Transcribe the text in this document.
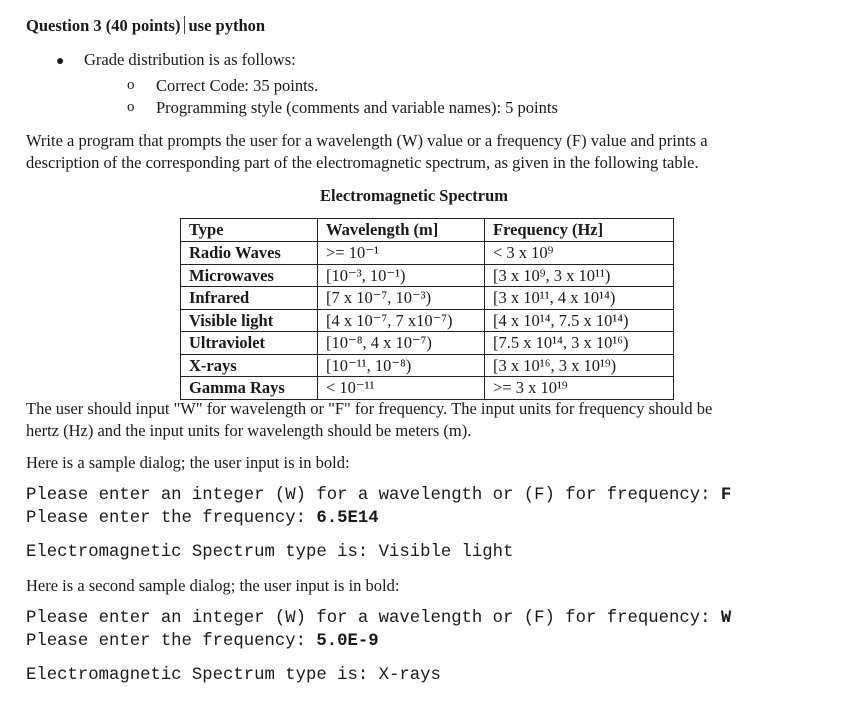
Question 3 (40 points) use python
● Grade distribution is as follows:
o Correct Code: 35 points.
o Programming style (comments and variable names): 5 points
Write a program that prompts the user for a wavelength (W) value or a frequency (F) value and prints a
description of the corresponding part of the electromagnetic spectrum, as given in the following table.
Electromagnetic Spectrum
Type	Wavelength (m]	Frequency (Hz]
Radio Waves	>= 10⁻¹	< 3 x 10⁹
Microwaves	[10⁻³, 10⁻¹)	[3 x 10⁹, 3 x 10¹¹)
Infrared	[7 x 10⁻⁷, 10⁻³)	[3 x 10¹¹, 4 x 10¹⁴)
Visible light	[4 x 10⁻⁷, 7 x10⁻⁷)	[4 x 10¹⁴, 7.5 x 10¹⁴)
Ultraviolet	[10⁻⁸, 4 x 10⁻⁷)	[7.5 x 10¹⁴, 3 x 10¹⁶)
X-rays	[10⁻¹¹, 10⁻⁸)	[3 x 10¹⁶, 3 x 10¹⁹)
Gamma Rays	< 10⁻¹¹	>= 3 x 10¹⁹
The user should input "W" for wavelength or "F" for frequency. The input units for frequency should be
hertz (Hz) and the input units for wavelength should be meters (m).
Here is a sample dialog; the user input is in bold:
Please enter an integer (W) for a wavelength or (F) for frequency: F
Please enter the frequency: 6.5E14
Electromagnetic Spectrum type is: Visible light
Here is a second sample dialog; the user input is in bold:
Please enter an integer (W) for a wavelength or (F) for frequency: W
Please enter the frequency: 5.0E-9
Electromagnetic Spectrum type is: X-rays
